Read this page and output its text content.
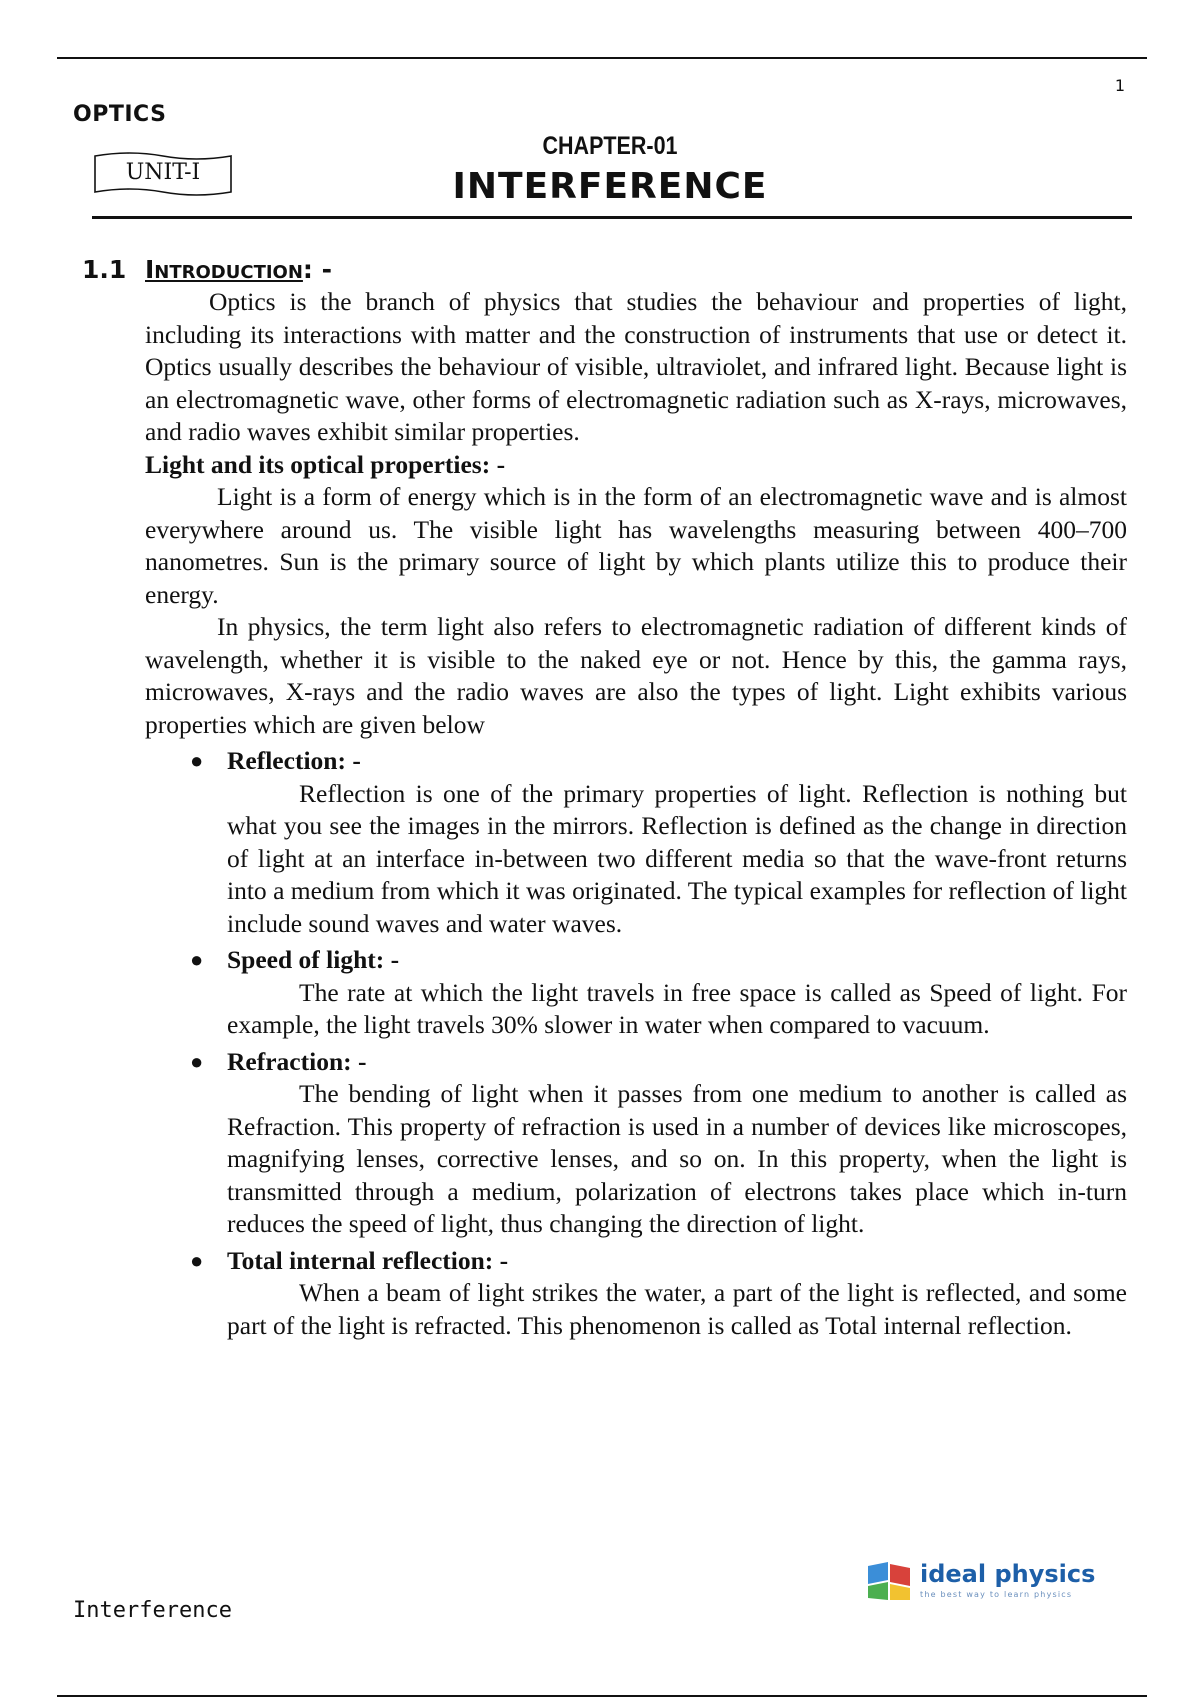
1
OPTICS
UNIT-I
CHAPTER-01
INTERFERENCE
1.1 Introduction: -

Optics is the branch of physics that studies the behaviour and properties of light, including its interactions with matter and the construction of instruments that use or detect it. Optics usually describes the behaviour of visible, ultraviolet, and infrared light. Because light is an electromagnetic wave, other forms of electromagnetic radiation such as X-rays, microwaves, and radio waves exhibit similar properties.

Light and its optical properties: -

Light is a form of energy which is in the form of an electromagnetic wave and is almost everywhere around us. The visible light has wavelengths measuring between 400–700 nanometres. Sun is the primary source of light by which plants utilize this to produce their energy.

In physics, the term light also refers to electromagnetic radiation of different kinds of wavelength, whether it is visible to the naked eye or not. Hence by this, the gamma rays, microwaves, X-rays and the radio waves are also the types of light. Light exhibits various properties which are given below

● Reflection: -
Reflection is one of the primary properties of light. Reflection is nothing but what you see the images in the mirrors. Reflection is defined as the change in direction of light at an interface in-between two different media so that the wave-front returns into a medium from which it was originated. The typical examples for reflection of light include sound waves and water waves.
● Speed of light: -
The rate at which the light travels in free space is called as Speed of light. For example, the light travels 30% slower in water when compared to vacuum.
● Refraction: -
The bending of light when it passes from one medium to another is called as Refraction. This property of refraction is used in a number of devices like microscopes, magnifying lenses, corrective lenses, and so on. In this property, when the light is transmitted through a medium, polarization of electrons takes place which in-turn reduces the speed of light, thus changing the direction of light.
● Total internal reflection: -
When a beam of light strikes the water, a part of the light is reflected, and some part of the light is refracted. This phenomenon is called as Total internal reflection.
ideal physics
the best way to learn physics
Interference
